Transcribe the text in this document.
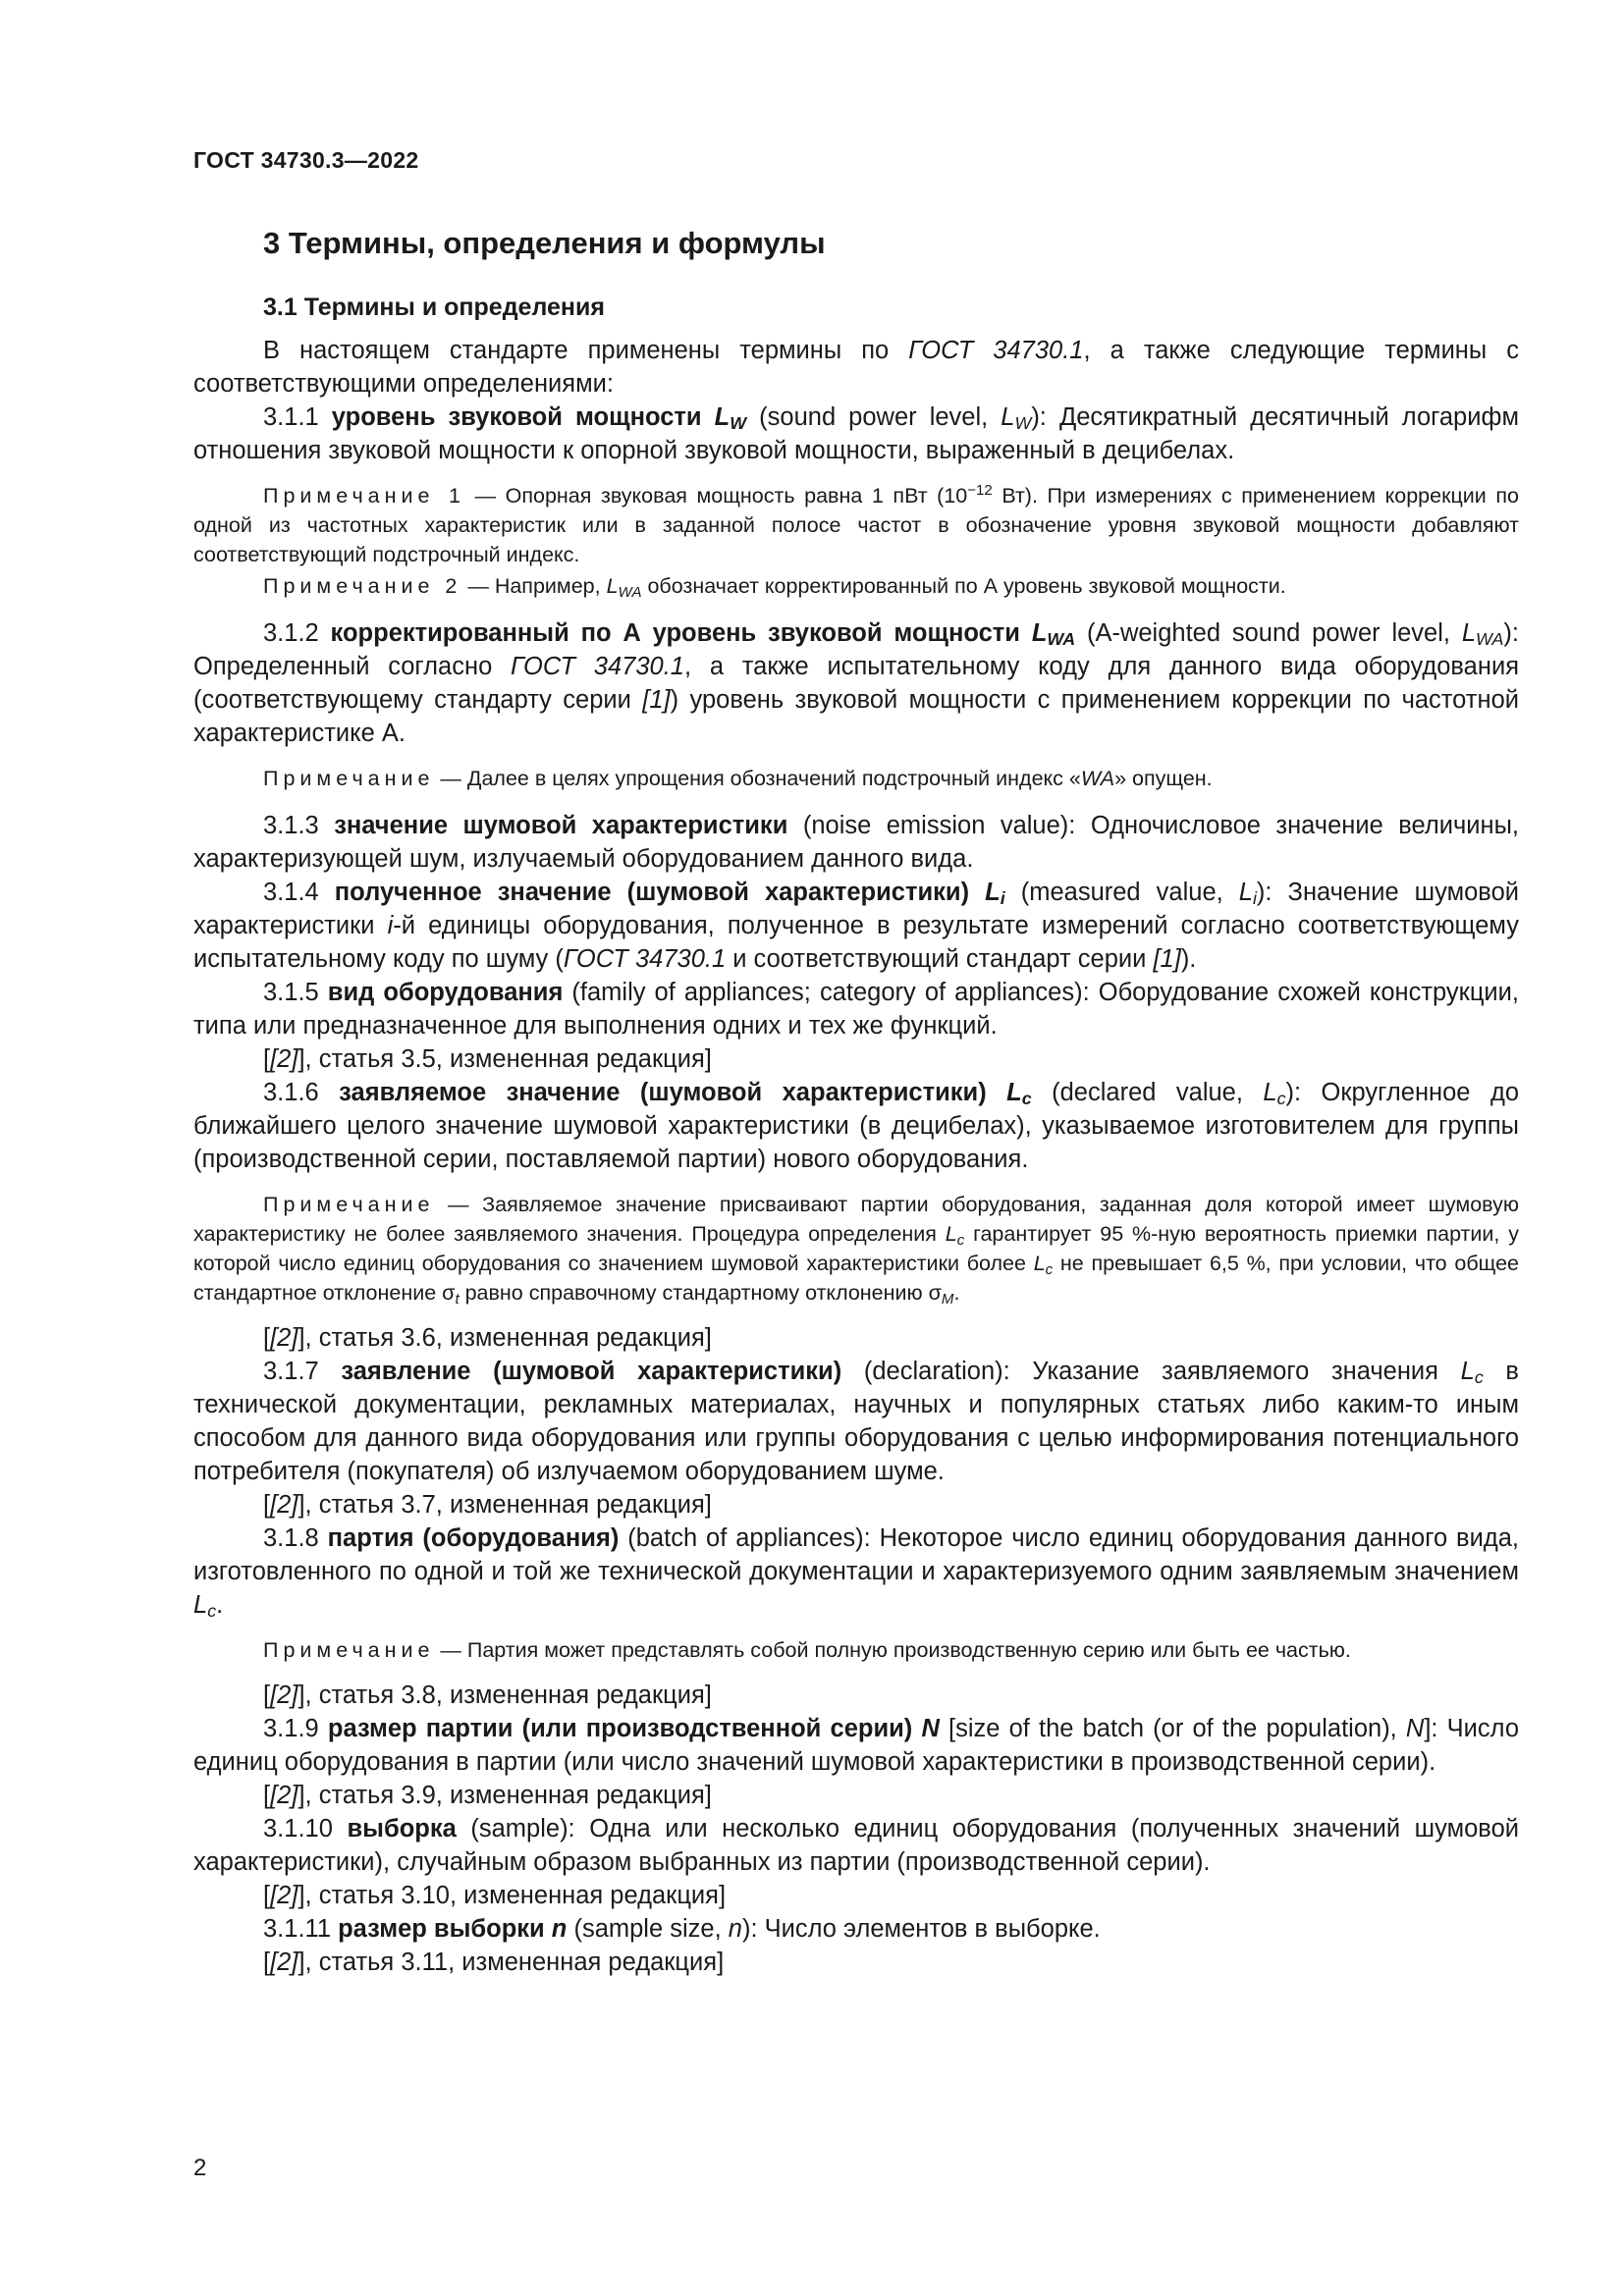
ГОСТ 34730.3—2022
3 Термины, определения и формулы
3.1 Термины и определения

В настоящем стандарте применены термины по ГОСТ 34730.1, а также следующие термины с соответствующими определениями:

3.1.1 уровень звуковой мощности $L_W$ (sound power level, $L_W$): Десятикратный десятичный логарифм отношения звуковой мощности к опорной звуковой мощности, выраженный в децибелах.

Примечание 1 — Опорная звуковая мощность равна 1 пВт ($10^{-12}$ Вт). При измерениях с применением коррекции по одной из частотных характеристик или в заданной полосе частот в обозначение уровня звуковой мощности добавляют соответствующий подстрочный индекс.

Примечание 2 — Например, $L_{WA}$ обозначает корректированный по А уровень звуковой мощности.

3.1.2 корректированный по А уровень звуковой мощности $L_{WA}$ (A-weighted sound power level, $L_{WA}$): Определенный согласно ГОСТ 34730.1, а также испытательному коду для данного вида оборудования (соответствующему стандарту серии [1]) уровень звуковой мощности с применением коррекции по частотной характеристике А.

Примечание — Далее в целях упрощения обозначений подстрочный индекс «WA» опущен.

3.1.3 значение шумовой характеристики (noise emission value): Одночисловое значение величины, характеризующей шум, излучаемый оборудованием данного вида.

3.1.4 полученное значение (шумовой характеристики) $L_i$ (measured value, $L_i$): Значение шумовой характеристики i-й единицы оборудования, полученное в результате измерений согласно соответствующему испытательному коду по шуму (ГОСТ 34730.1 и соответствующий стандарт серии [1]).

3.1.5 вид оборудования (family of appliances; category of appliances): Оборудование схожей конструкции, типа или предназначенное для выполнения одних и тех же функций.

[[2]], статья 3.5, измененная редакция]

3.1.6 заявляемое значение (шумовой характеристики) $L_c$ (declared value, $L_c$): Округленное до ближайшего целого значение шумовой характеристики (в децибелах), указываемое изготовителем для группы (производственной серии, поставляемой партии) нового оборудования.

Примечание — Заявляемое значение присваивают партии оборудования, заданная доля которой имеет шумовую характеристику не более заявляемого значения. Процедура определения $L_c$ гарантирует 95 %-ную вероятность приемки партии, у которой число единиц оборудования со значением шумовой характеристики более $L_c$ не превышает 6,5 %, при условии, что общее стандартное отклонение $\sigma_t$ равно справочному стандартному отклонению $\sigma_M$.

[[2]], статья 3.6, измененная редакция]

3.1.7 заявление (шумовой характеристики) (declaration): Указание заявляемого значения $L_c$ в технической документации, рекламных материалах, научных и популярных статьях либо каким-то иным способом для данного вида оборудования или группы оборудования с целью информирования потенциального потребителя (покупателя) об излучаемом оборудованием шуме.

[[2]], статья 3.7, измененная редакция]

3.1.8 партия (оборудования) (batch of appliances): Некоторое число единиц оборудования данного вида, изготовленного по одной и той же технической документации и характеризуемого одним заявляемым значением $L_c$.

Примечание — Партия может представлять собой полную производственную серию или быть ее частью.

[[2]], статья 3.8, измененная редакция]

3.1.9 размер партии (или производственной серии) N [size of the batch (or of the population), N]: Число единиц оборудования в партии (или число значений шумовой характеристики в производственной серии).

[[2]], статья 3.9, измененная редакция]

3.1.10 выборка (sample): Одна или несколько единиц оборудования (полученных значений шумовой характеристики), случайным образом выбранных из партии (производственной серии).

[[2]], статья 3.10, измененная редакция]

3.1.11 размер выборки n (sample size, n): Число элементов в выборке.

[[2]], статья 3.11, измененная редакция]

2
